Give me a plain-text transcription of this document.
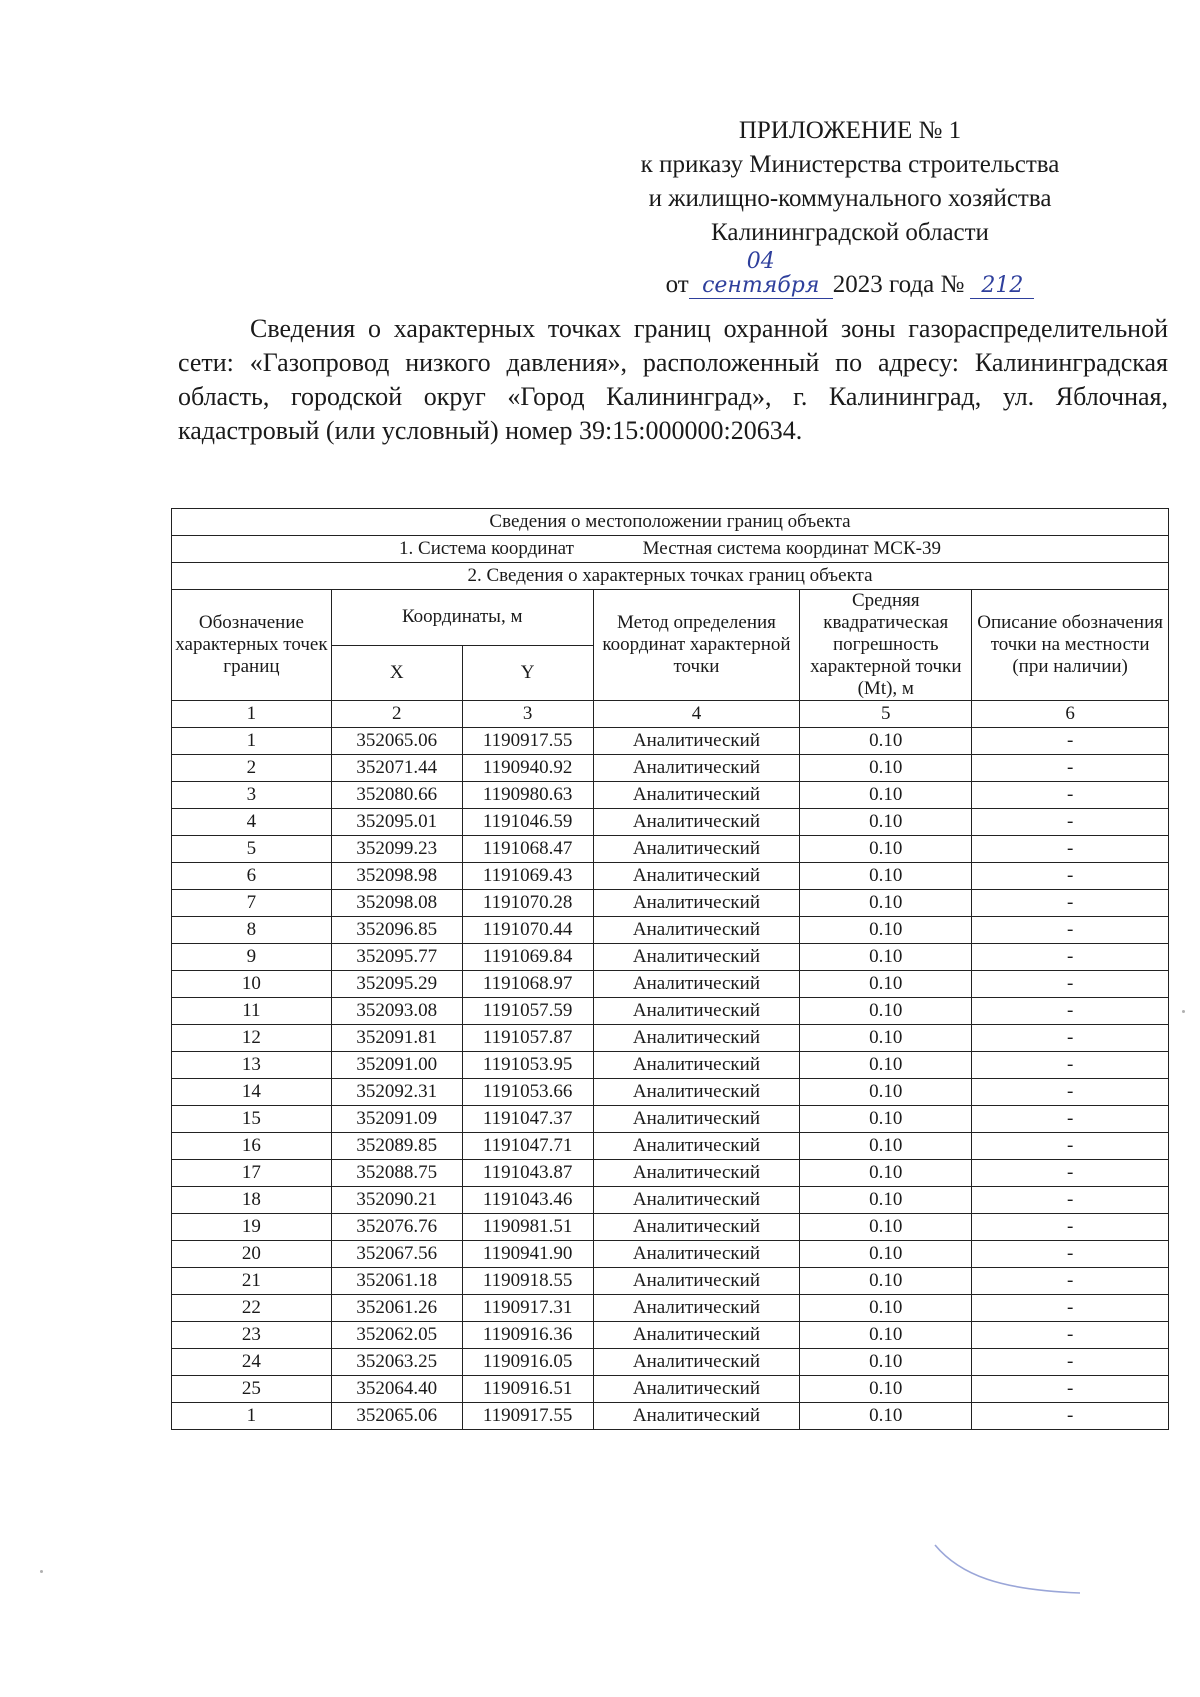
ПРИЛОЖЕНИЕ № 1
к приказу Министерства строительства
и жилищно-коммунального хозяйства
Калининградской области
от04 сентября 2023 года № 212
Сведения о характерных точках границ охранной зоны газораспределительной сети: «Газопровод низкого давления», расположенный по адресу: Калининградская область, городской округ «Город Калининград», г. Калининград, ул. Яблочная, кадастровый (или условный) номер 39:15:000000:20634.
Сведения о местоположении границ объекта					
1. Система координат Местная система координат МСК-39					
2. Сведения о характерных точках границ объекта					
Обозначение характерных точек границ	Координаты, м		Метод определения координат характерной точки	Средняя квадратическая погрешность характерной точки (Mt), м	Описание обозначения точки на местности (при наличии)
	X	Y			
1	2	3	4	5	6
1	352065.06	1190917.55	Аналитический	0.10	-
2	352071.44	1190940.92	Аналитический	0.10	-
3	352080.66	1190980.63	Аналитический	0.10	-
4	352095.01	1191046.59	Аналитический	0.10	-
5	352099.23	1191068.47	Аналитический	0.10	-
6	352098.98	1191069.43	Аналитический	0.10	-
7	352098.08	1191070.28	Аналитический	0.10	-
8	352096.85	1191070.44	Аналитический	0.10	-
9	352095.77	1191069.84	Аналитический	0.10	-
10	352095.29	1191068.97	Аналитический	0.10	-
11	352093.08	1191057.59	Аналитический	0.10	-
12	352091.81	1191057.87	Аналитический	0.10	-
13	352091.00	1191053.95	Аналитический	0.10	-
14	352092.31	1191053.66	Аналитический	0.10	-
15	352091.09	1191047.37	Аналитический	0.10	-
16	352089.85	1191047.71	Аналитический	0.10	-
17	352088.75	1191043.87	Аналитический	0.10	-
18	352090.21	1191043.46	Аналитический	0.10	-
19	352076.76	1190981.51	Аналитический	0.10	-
20	352067.56	1190941.90	Аналитический	0.10	-
21	352061.18	1190918.55	Аналитический	0.10	-
22	352061.26	1190917.31	Аналитический	0.10	-
23	352062.05	1190916.36	Аналитический	0.10	-
24	352063.25	1190916.05	Аналитический	0.10	-
25	352064.40	1190916.51	Аналитический	0.10	-
1	352065.06	1190917.55	Аналитический	0.10	-
